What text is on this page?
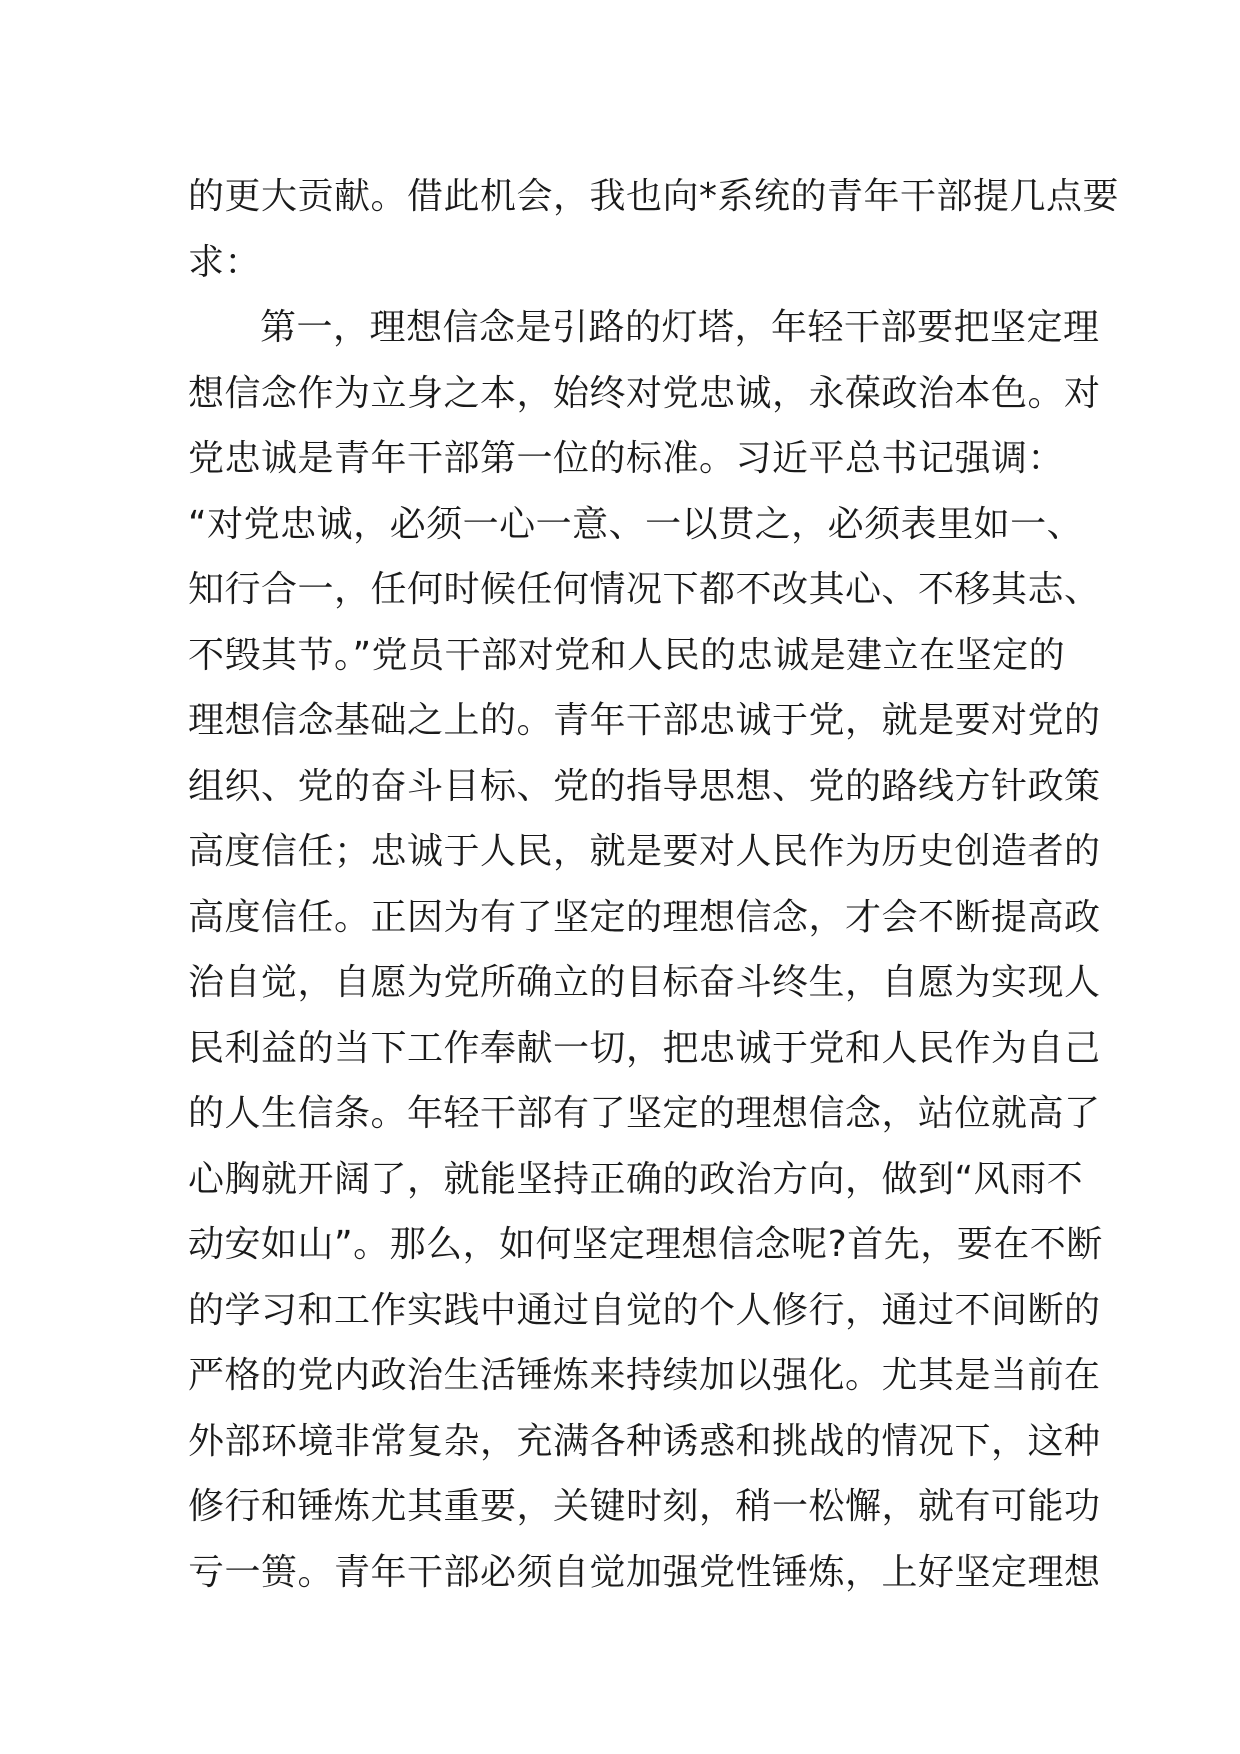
的更大贡献。借此机会，我也向*系统的青年干部提几点要
求：
第一，理想信念是引路的灯塔，年轻干部要把坚定理
想信念作为立身之本，始终对党忠诚，永葆政治本色。对
党忠诚是青年干部第一位的标准。习近平总书记强调：
“对党忠诚，必须一心一意、一以贯之，必须表里如一、
知行合一，任何时候任何情况下都不改其心、不移其志、
不毁其节。”党员干部对党和人民的忠诚是建立在坚定的
理想信念基础之上的。青年干部忠诚于党，就是要对党的
组织、党的奋斗目标、党的指导思想、党的路线方针政策
高度信任；忠诚于人民，就是要对人民作为历史创造者的
高度信任。正因为有了坚定的理想信念，才会不断提高政
治自觉，自愿为党所确立的目标奋斗终生，自愿为实现人
民利益的当下工作奉献一切，把忠诚于党和人民作为自己
的人生信条。年轻干部有了坚定的理想信念，站位就高了
心胸就开阔了，就能坚持正确的政治方向，做到“风雨不
动安如山”。那么，如何坚定理想信念呢?首先，要在不断
的学习和工作实践中通过自觉的个人修行，通过不间断的
严格的党内政治生活锤炼来持续加以强化。尤其是当前在
外部环境非常复杂，充满各种诱惑和挑战的情况下，这种
修行和锤炼尤其重要，关键时刻，稍一松懈，就有可能功
亏一篑。青年干部必须自觉加强党性锤炼，上好坚定理想
